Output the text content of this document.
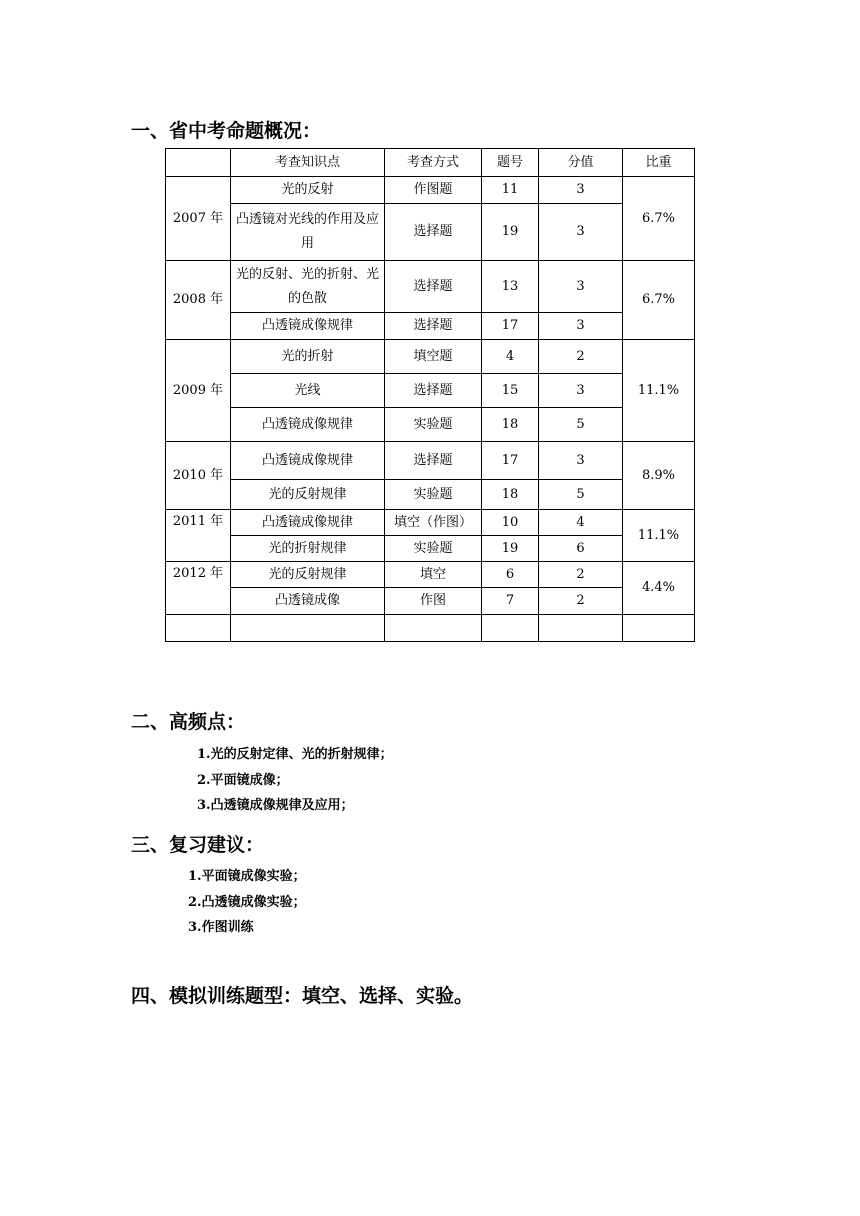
一、省中考命题概况：
	考查知识点	考查方式	题号	分值	比重
2007 年	光的反射	作图题	11	3	6.7%
	凸透镜对光线的作用及应用	选择题	19	3	
2008 年	光的反射、光的折射、光的色散	选择题	13	3	6.7%
	凸透镜成像规律	选择题	17	3	
2009 年	光的折射	填空题	4	2	11.1%
	光线	选择题	15	3	
	凸透镜成像规律	实验题	18	5	
2010 年	凸透镜成像规律	选择题	17	3	8.9%
	光的反射规律	实验题	18	5	
2011 年	凸透镜成像规律	填空（作图）	10	4	11.1%
	光的折射规律	实验题	19	6	
2012 年	光的反射规律	填空	6	2	4.4%
	凸透镜成像	作图	7	2	

二、高频点：
1.光的反射定律、光的折射规律；
2.平面镜成像；
3.凸透镜成像规律及应用；
三、复习建议：
1.平面镜成像实验；
2.凸透镜成像实验；
3.作图训练
四、模拟训练题型：填空、选择、实验。
